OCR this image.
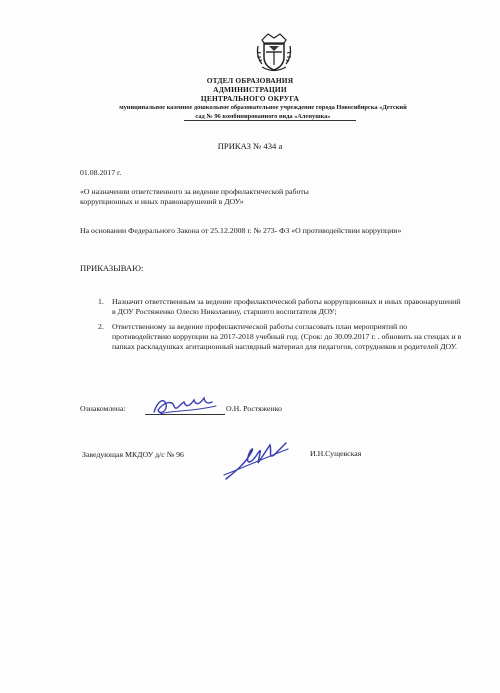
ОТДЕЛ ОБРАЗОВАНИЯ
АДМИНИСТРАЦИИ
ЦЕНТРАЛЬНОГО ОКРУГА
муниципальное казенное дошкольное образовательное учреждение города Новосибирска «Детский
сад № 96 комбинированного вида «Аленушка»
ПРИКАЗ № 434 а
01.08.2017 г.
«О назначении ответственного за ведение профилактической работы коррупционных и иных правонарушений в ДОУ»
На основании Федерального Закона от 25.12.2008 г. № 273- ФЗ «О противодействии коррупции»
ПРИКАЗЫВАЮ:
1. Назначит ответственным за ведение профилактической работы коррупционных и иных правонарушений в ДОУ Ростяженко Олесю Николаевну, старшего воспитателя ДОУ;
2. Ответственному за ведение профилактической работы согласовать план мероприятий по противодействию коррупции на 2017-2018 учебный год. (Срок: до 30.09.2017 г. . обновить на стендах и в папках раскладушках агитационный наглядный материал для педагогов, сотрудников и родителей ДОУ.
Ознакомлена:	О.Н. Ростяженко
Заведующая МКДОУ д/с № 96	И.Н.Сущевская
